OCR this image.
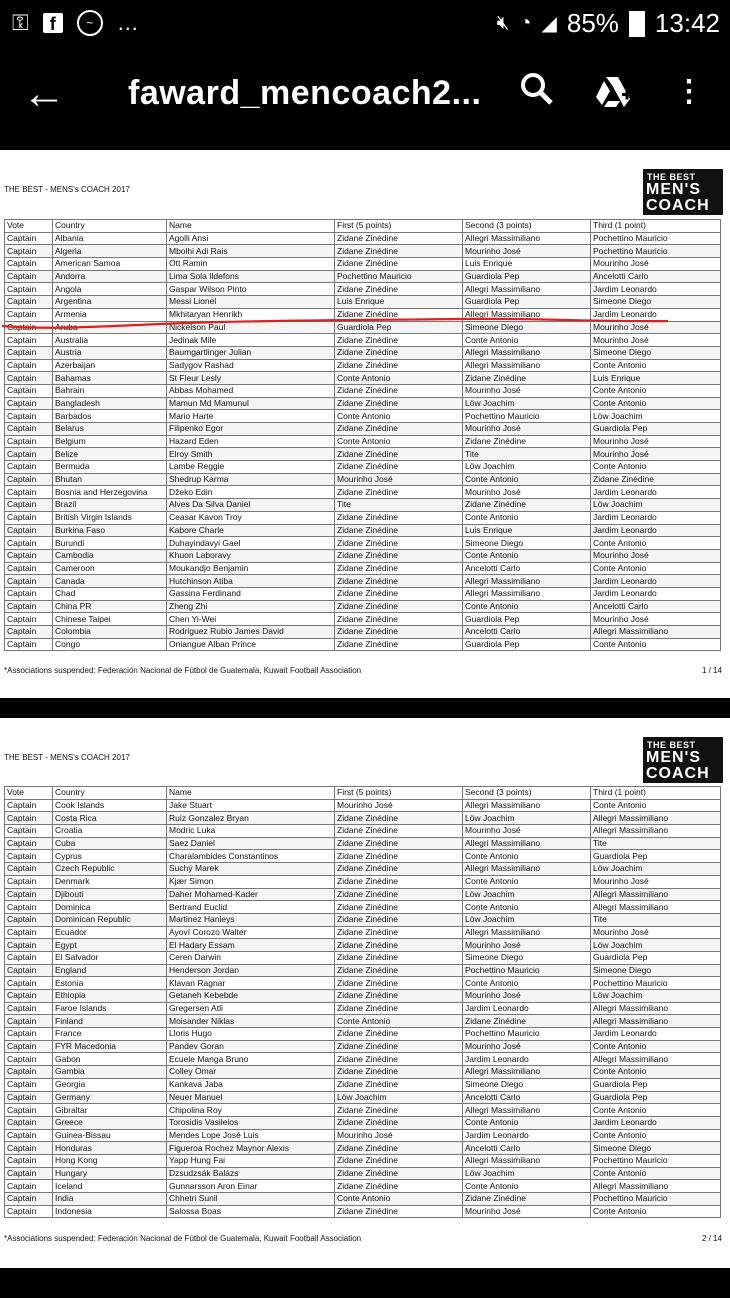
⚿	f	~	…	🔇︎ ◔ ◢ 85% 13:42
← faward_mencoach2...	⋮
THE BEST - MENS's COACH 2017
THE BEST
MEN'S
COACH
Vote	Country	Name	First (5 points)	Second (3 points)	Third (1 point)
Captain	Albania	Agolli Ansi	Zidane Zinédine	Allegri Massimiliano	Pochettino Mauricio
Captain	Algeria	Mbolhi Adi Rais	Zidane Zinédine	Mourinho José	Pochettino Mauricio
Captain	American Samoa	Ott Ramin	Zidane Zinédine	Luis Enrique	Mourinho José
Captain	Andorra	Lima Sola Ildefons	Pochettino Mauricio	Guardiola Pep	Ancelotti Carlo
Captain	Angola	Gaspar Wilson Pinto	Zidane Zinédine	Allegri Massimiliano	Jardim Leonardo
Captain	Argentina	Messi Lionel	Luis Enrique	Guardiola Pep	Simeone Diego
Captain	Armenia	Mkhitaryan Henrikh	Zidane Zinédine	Allegri Massimiliano	Jardim Leonardo
Captain	Aruba	Nickelson Paul	Guardiola Pep	Simeone Diego	Mourinho José
Captain	Australia	Jedinak Mile	Zidane Zinédine	Conte Antonio	Mourinho José
Captain	Austria	Baumgartlinger Julian	Zidane Zinédine	Allegri Massimiliano	Simeone Diego
Captain	Azerbaijan	Sadygov Rashad	Zidane Zinédine	Allegri Massimiliano	Conte Antonio
Captain	Bahamas	St Fleur Lesly	Conte Antonio	Zidane Zinédine	Luis Enrique
Captain	Bahrain	Abbas Mohamed	Zidane Zinédine	Mourinho José	Conte Antonio
Captain	Bangladesh	Mamun Md Mamunul	Zidane Zinédine	Löw Joachim	Conte Antonio
Captain	Barbados	Mario Harte	Conte Antonio	Pochettino Mauricio	Löw Joachim
Captain	Belarus	Filipenko Egor	Zidane Zinédine	Mourinho José	Guardiola Pep
Captain	Belgium	Hazard Eden	Conte Antonio	Zidane Zinédine	Mourinho José
Captain	Belize	Elroy Smith	Zidane Zinédine	Tite	Mourinho José
Captain	Bermuda	Lambe Reggie	Zidane Zinédine	Löw Joachim	Conte Antonio
Captain	Bhutan	Shedrup Karma	Mourinho José	Conte Antonio	Zidane Zinédine
Captain	Bosnia and Herzegovina	Džeko Edin	Zidane Zinédine	Mourinho José	Jardim Leonardo
Captain	Brazil	Alves Da Silva Daniel	Tite	Zidane Zinédine	Löw Joachim
Captain	British Virgin Islands	Ceasar Kavon Troy	Zidane Zinédine	Conte Antonio	Jardim Leonardo
Captain	Burkina Faso	Kabore Charle	Zidane Zinédine	Luis Enrique	Jardim Leonardo
Captain	Burundi	Duhayindavyi Gael	Zidane Zinédine	Simeone Diego	Conte Antonio
Captain	Cambodia	Khuon Laboravy	Zidane Zinédine	Conte Antonio	Mourinho José
Captain	Cameroon	Moukandjo Benjamin	Zidane Zinédine	Ancelotti Carlo	Conte Antonio
Captain	Canada	Hutchinson Atiba	Zidane Zinédine	Allegri Massimiliano	Jardim Leonardo
Captain	Chad	Gassina Ferdinand	Zidane Zinédine	Allegri Massimiliano	Jardim Leonardo
Captain	China PR	Zheng Zhi	Zidane Zinédine	Conte Antonio	Ancelotti Carlo
Captain	Chinese Taipei	Chen Yi-Wei	Zidane Zinédine	Guardiola Pep	Mourinho José
Captain	Colombia	Rodriguez Rubio James David	Zidane Zinédine	Ancelotti Carlo	Allegri Massimiliano
Captain	Congo	Oniangue Alban Prince	Zidane Zinédine	Guardiola Pep	Conte Antonio
*Associations suspended: Federación Nacional de Fútbol de Guatemala, Kuwait Football Association	1 / 14
THE BEST - MENS's COACH 2017
THE BEST
MEN'S
COACH
Vote	Country	Name	First (5 points)	Second (3 points)	Third (1 point)
Captain	Cook Islands	Jake Stuart	Mourinho José	Allegri Massimiliano	Conte Antonio
Captain	Costa Rica	Ruiz Gonzalez Bryan	Zidane Zinédine	Löw Joachim	Allegri Massimiliano
Captain	Croatia	Modric Luka	Zidane Zinédine	Mourinho José	Allegri Massimiliano
Captain	Cuba	Saez Daniel	Zidane Zinédine	Allegri Massimiliano	Tite
Captain	Cyprus	Charalambides Constantinos	Zidane Zinédine	Conte Antonio	Guardiola Pep
Captain	Czech Republic	Suchý Marek	Zidane Zinédine	Allegri Massimiliano	Löw Joachim
Captain	Denmark	Kjær Simon	Zidane Zinédine	Conte Antonio	Mourinho José
Captain	Djibouti	Daher Mohamed-Kader	Zidane Zinédine	Löw Joachim	Allegri Massimiliano
Captain	Dominica	Bertrand Euclid	Zidane Zinédine	Conte Antonio	Allegri Massimiliano
Captain	Dominican Republic	Martinez Hanleys	Zidane Zinédine	Löw Joachim	Tite
Captain	Ecuador	Ayoví Corozo Walter	Zidane Zinédine	Allegri Massimiliano	Mourinho José
Captain	Egypt	El Hadary Essam	Zidane Zinédine	Mourinho José	Löw Joachim
Captain	El Salvador	Ceren Darwin	Zidane Zinédine	Simeone Diego	Guardiola Pep
Captain	England	Henderson Jordan	Zidane Zinédine	Pochettino Mauricio	Simeone Diego
Captain	Estonia	Klavan Ragnar	Zidane Zinédine	Conte Antonio	Pochettino Mauricio
Captain	Ethiopia	Getaneh Kebebde	Zidane Zinédine	Mourinho José	Löw Joachim
Captain	Faroe Islands	Gregersen Atli	Zidane Zinédine	Jardim Leonardo	Allegri Massimiliano
Captain	Finland	Moisander Niklas	Conte Antonio	Zidane Zinédine	Allegri Massimiliano
Captain	France	Lloris Hugo	Zidane Zinédine	Pochettino Mauricio	Jardim Leonardo
Captain	FYR Macedonia	Pandev Goran	Zidane Zinédine	Mourinho José	Conte Antonio
Captain	Gabon	Ecuele Manga Bruno	Zidane Zinédine	Jardim Leonardo	Allegri Massimiliano
Captain	Gambia	Colley Omar	Zidane Zinédine	Allegri Massimiliano	Conte Antonio
Captain	Georgia	Kankava Jaba	Zidane Zinédine	Simeone Diego	Guardiola Pep
Captain	Germany	Neuer Manuel	Löw Joachim	Ancelotti Carlo	Guardiola Pep
Captain	Gibraltar	Chipolina Roy	Zidane Zinédine	Allegri Massimiliano	Conte Antonio
Captain	Greece	Torosidis Vasileios	Zidane Zinédine	Conte Antonio	Jardim Leonardo
Captain	Guinea-Bissau	Mendes Lope José Luis	Mourinho José	Jardim Leonardo	Conte Antonio
Captain	Honduras	Figueroa Rochez Maynor Alexis	Zidane Zinédine	Ancelotti Carlo	Simeone Diego
Captain	Hong Kong	Yapp Hung Fai	Zidane Zinédine	Allegri Massimiliano	Pochettino Mauricio
Captain	Hungary	Dzsudzsák Balázs	Zidane Zinédine	Löw Joachim	Conte Antonio
Captain	Iceland	Gunnarsson Aron Einar	Zidane Zinédine	Conte Antonio	Allegri Massimiliano
Captain	India	Chhetri Sunil	Conte Antonio	Zidane Zinédine	Pochettino Mauricio
Captain	Indonesia	Salossa Boas	Zidane Zinédine	Mourinho José	Conte Antonio
*Associations suspended: Federación Nacional de Fútbol de Guatemala, Kuwait Football Association	2 / 14
